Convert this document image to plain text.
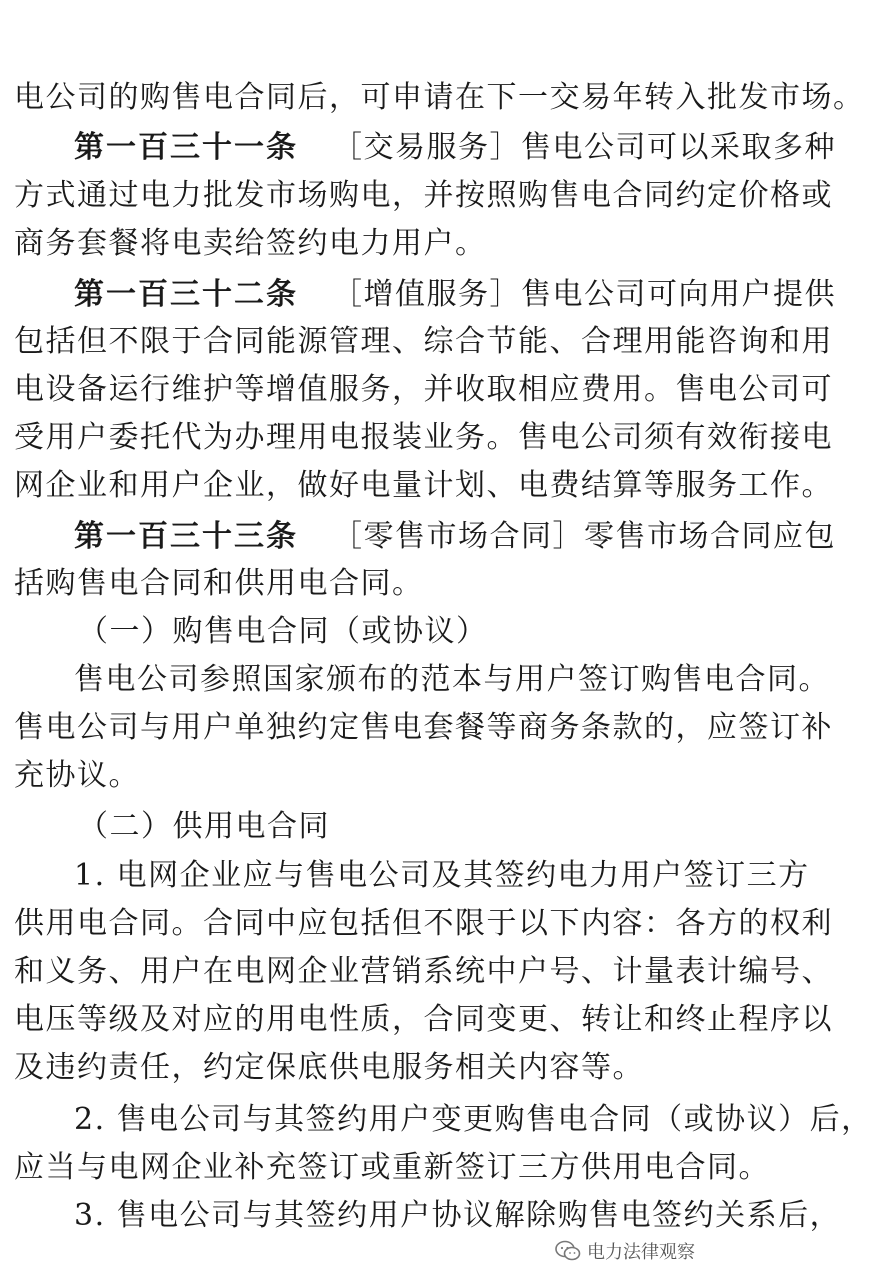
电公司的购售电合同后，可申请在下一交易年转入批发市场。
第一百三十一条 ［交易服务］售电公司可以采取多种
方式通过电力批发市场购电，并按照购售电合同约定价格或
商务套餐将电卖给签约电力用户。
第一百三十二条 ［增值服务］售电公司可向用户提供
包括但不限于合同能源管理、综合节能、合理用能咨询和用
电设备运行维护等增值服务，并收取相应费用。售电公司可
受用户委托代为办理用电报装业务。售电公司须有效衔接电
网企业和用户企业，做好电量计划、电费结算等服务工作。
第一百三十三条 ［零售市场合同］零售市场合同应包
括购售电合同和供用电合同。
（一）购售电合同（或协议）
售电公司参照国家颁布的范本与用户签订购售电合同。
售电公司与用户单独约定售电套餐等商务条款的，应签订补
充协议。
（二）供用电合同
1. 电网企业应与售电公司及其签约电力用户签订三方
供用电合同。合同中应包括但不限于以下内容：各方的权利
和义务、用户在电网企业营销系统中户号、计量表计编号、
电压等级及对应的用电性质，合同变更、转让和终止程序以
及违约责任，约定保底供电服务相关内容等。
2. 售电公司与其签约用户变更购售电合同（或协议）后，
应当与电网企业补充签订或重新签订三方供用电合同。
3. 售电公司与其签约用户协议解除购售电签约关系后，
电力法律观察
